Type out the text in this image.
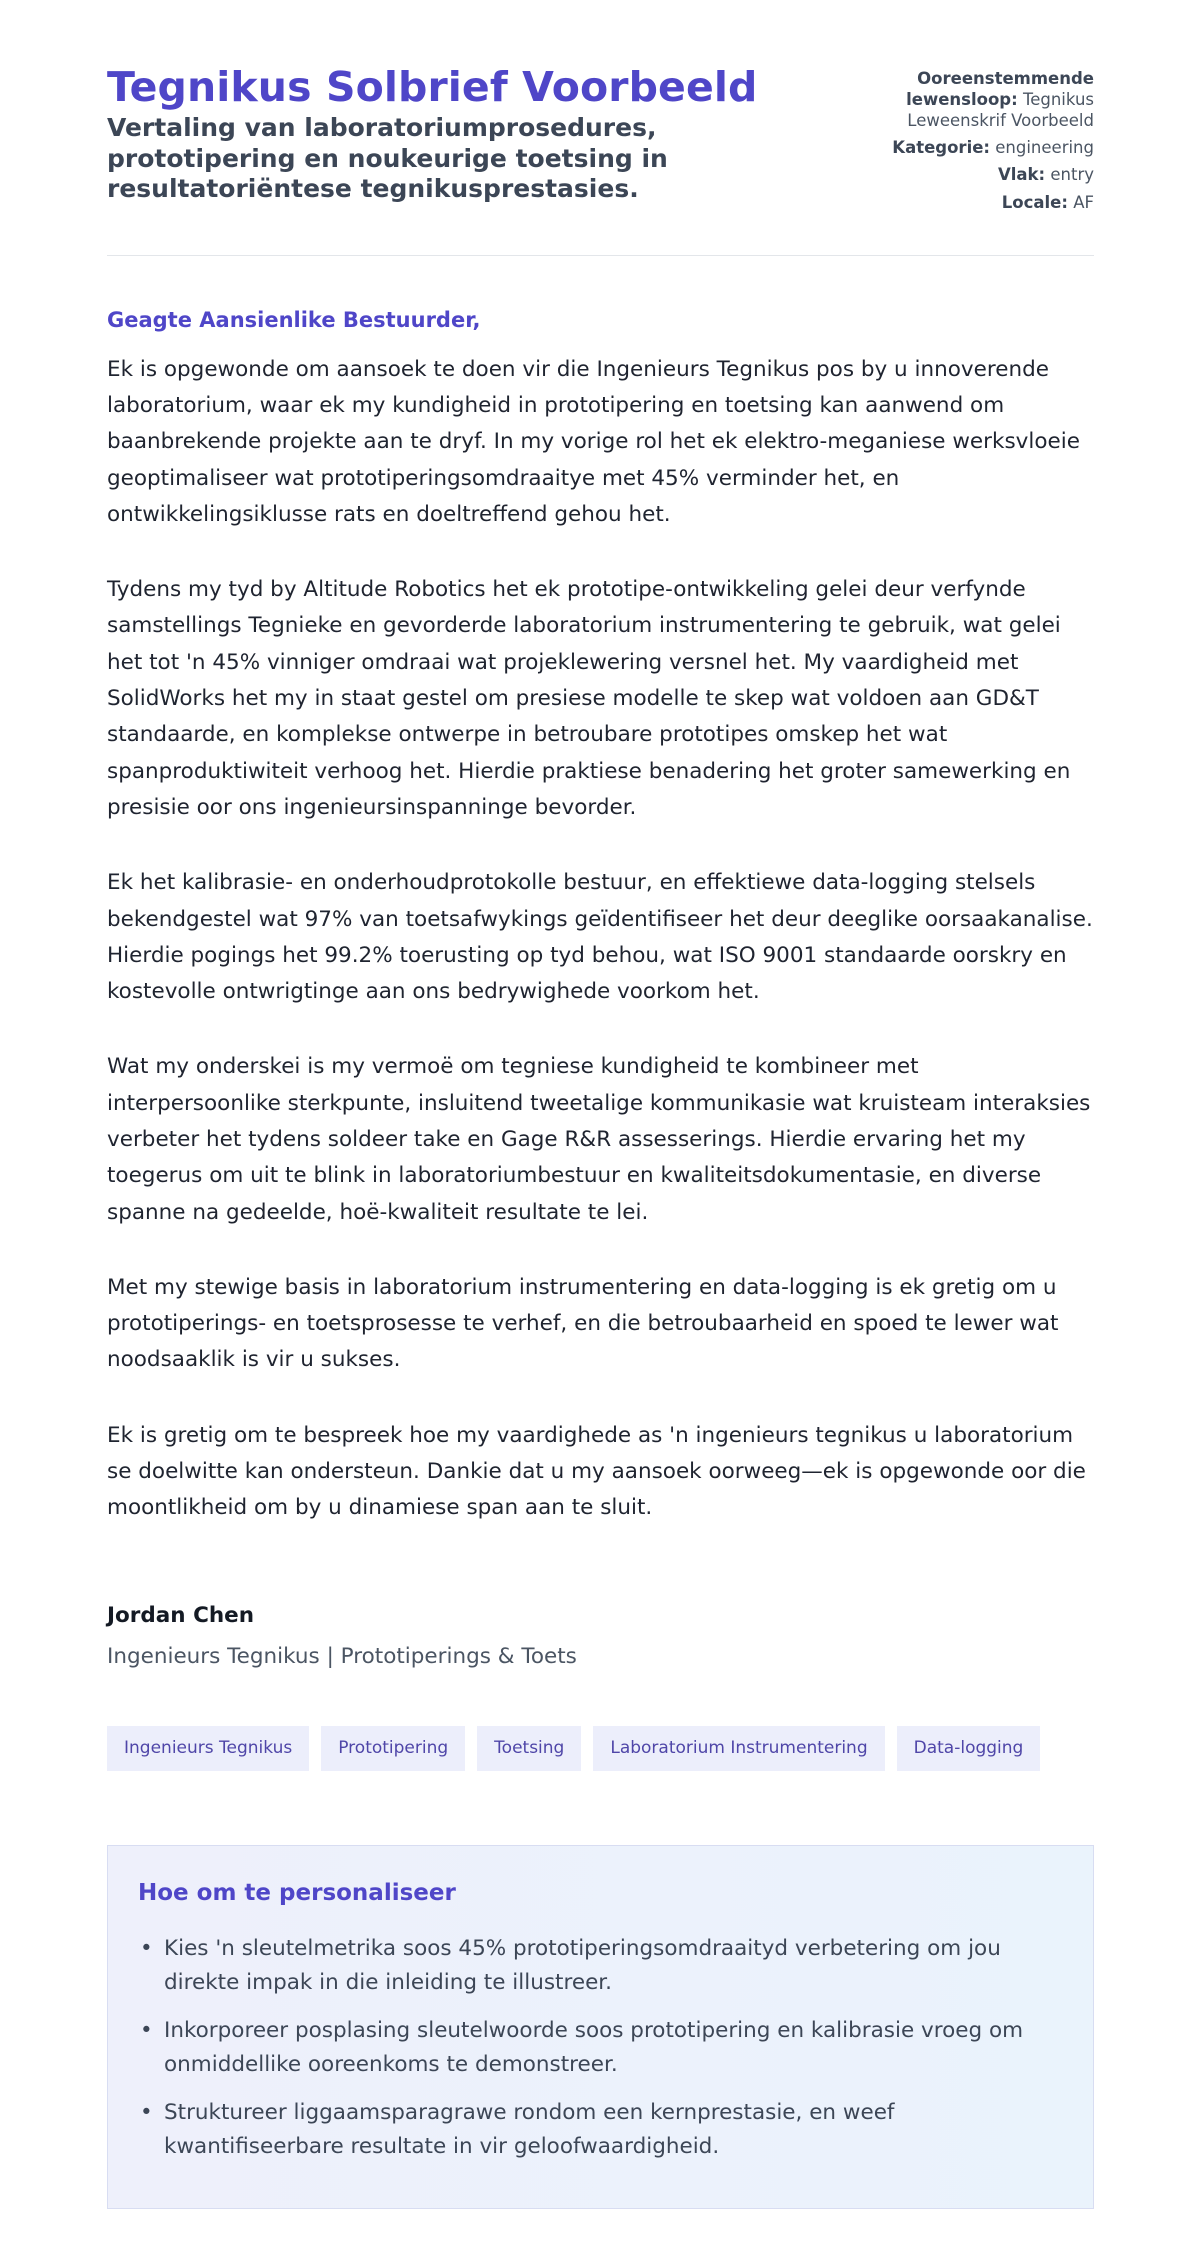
Tegnikus Solbrief Voorbeeld
Vertaling van laboratoriumprosedures, prototipering en noukeurige toetsing in resultatoriëntese tegnikusprestasies.
Ooreenstemmende lewensloop: Tegnikus Leweenskrif Voorbeeld
Kategorie: engineering
Vlak: entry
Locale: AF
Geagte Aansienlike Bestuurder,

Ek is opgewonde om aansoek te doen vir die Ingenieurs Tegnikus pos by u innoverende laboratorium, waar ek my kundigheid in prototipering en toetsing kan aanwend om baanbrekende projekte aan te dryf. In my vorige rol het ek elektro-meganiese werksvloeie geoptimaliseer wat prototiperingsomdraaitye met 45% verminder het, en ontwikkelingsiklusse rats en doeltreffend gehou het.

Tydens my tyd by Altitude Robotics het ek prototipe-ontwikkeling gelei deur verfynde samstellings Tegnieke en gevorderde laboratorium instrumentering te gebruik, wat gelei het tot 'n 45% vinniger omdraai wat projeklewering versnel het. My vaardigheid met SolidWorks het my in staat gestel om presiese modelle te skep wat voldoen aan GD&T standaarde, en komplekse ontwerpe in betroubare prototipes omskep het wat spanproduktiwiteit verhoog het. Hierdie praktiese benadering het groter samewerking en presisie oor ons ingenieursinspanninge bevorder.

Ek het kalibrasie- en onderhoudprotokolle bestuur, en effektiewe data-logging stelsels bekendgestel wat 97% van toetsafwykings geïdentifiseer het deur deeglike oorsaakanalise. Hierdie pogings het 99.2% toerusting op tyd behou, wat ISO 9001 standaarde oorskry en kostevolle ontwrigtinge aan ons bedrywighede voorkom het.

Wat my onderskei is my vermoë om tegniese kundigheid te kombineer met interpersoonlike sterkpunte, insluitend tweetalige kommunikasie wat kruisteam interaksies verbeter het tydens soldeer take en Gage R&R assesserings. Hierdie ervaring het my toegerus om uit te blink in laboratoriumbestuur en kwaliteitsdokumentasie, en diverse spanne na gedeelde, hoë-kwaliteit resultate te lei.

Met my stewige basis in laboratorium instrumentering en data-logging is ek gretig om u prototiperings- en toetsprosesse te verhef, en die betroubaarheid en spoed te lewer wat noodsaaklik is vir u sukses.

Ek is gretig om te bespreek hoe my vaardighede as 'n ingenieurs tegnikus u laboratorium se doelwitte kan ondersteun. Dankie dat u my aansoek oorweeg—ek is opgewonde oor die moontlikheid om by u dinamiese span aan te sluit.

Jordan Chen
Ingenieurs Tegnikus | Prototiperings & Toets
Ingenieurs Tegnikus	Prototipering	Toetsing	Laboratorium Instrumentering	Data-logging
Hoe om te personaliseer
• Kies 'n sleutelmetrika soos 45% prototiperingsomdraaityd verbetering om jou direkte impak in die inleiding te illustreer.
• Inkorporeer posplasing sleutelwoorde soos prototipering en kalibrasie vroeg om onmiddellike ooreenkoms te demonstreer.
• Struktureer liggaamsparagrawe rondom een kernprestasie, en weef kwantifiseerbare resultate in vir geloofwaardigheid.
